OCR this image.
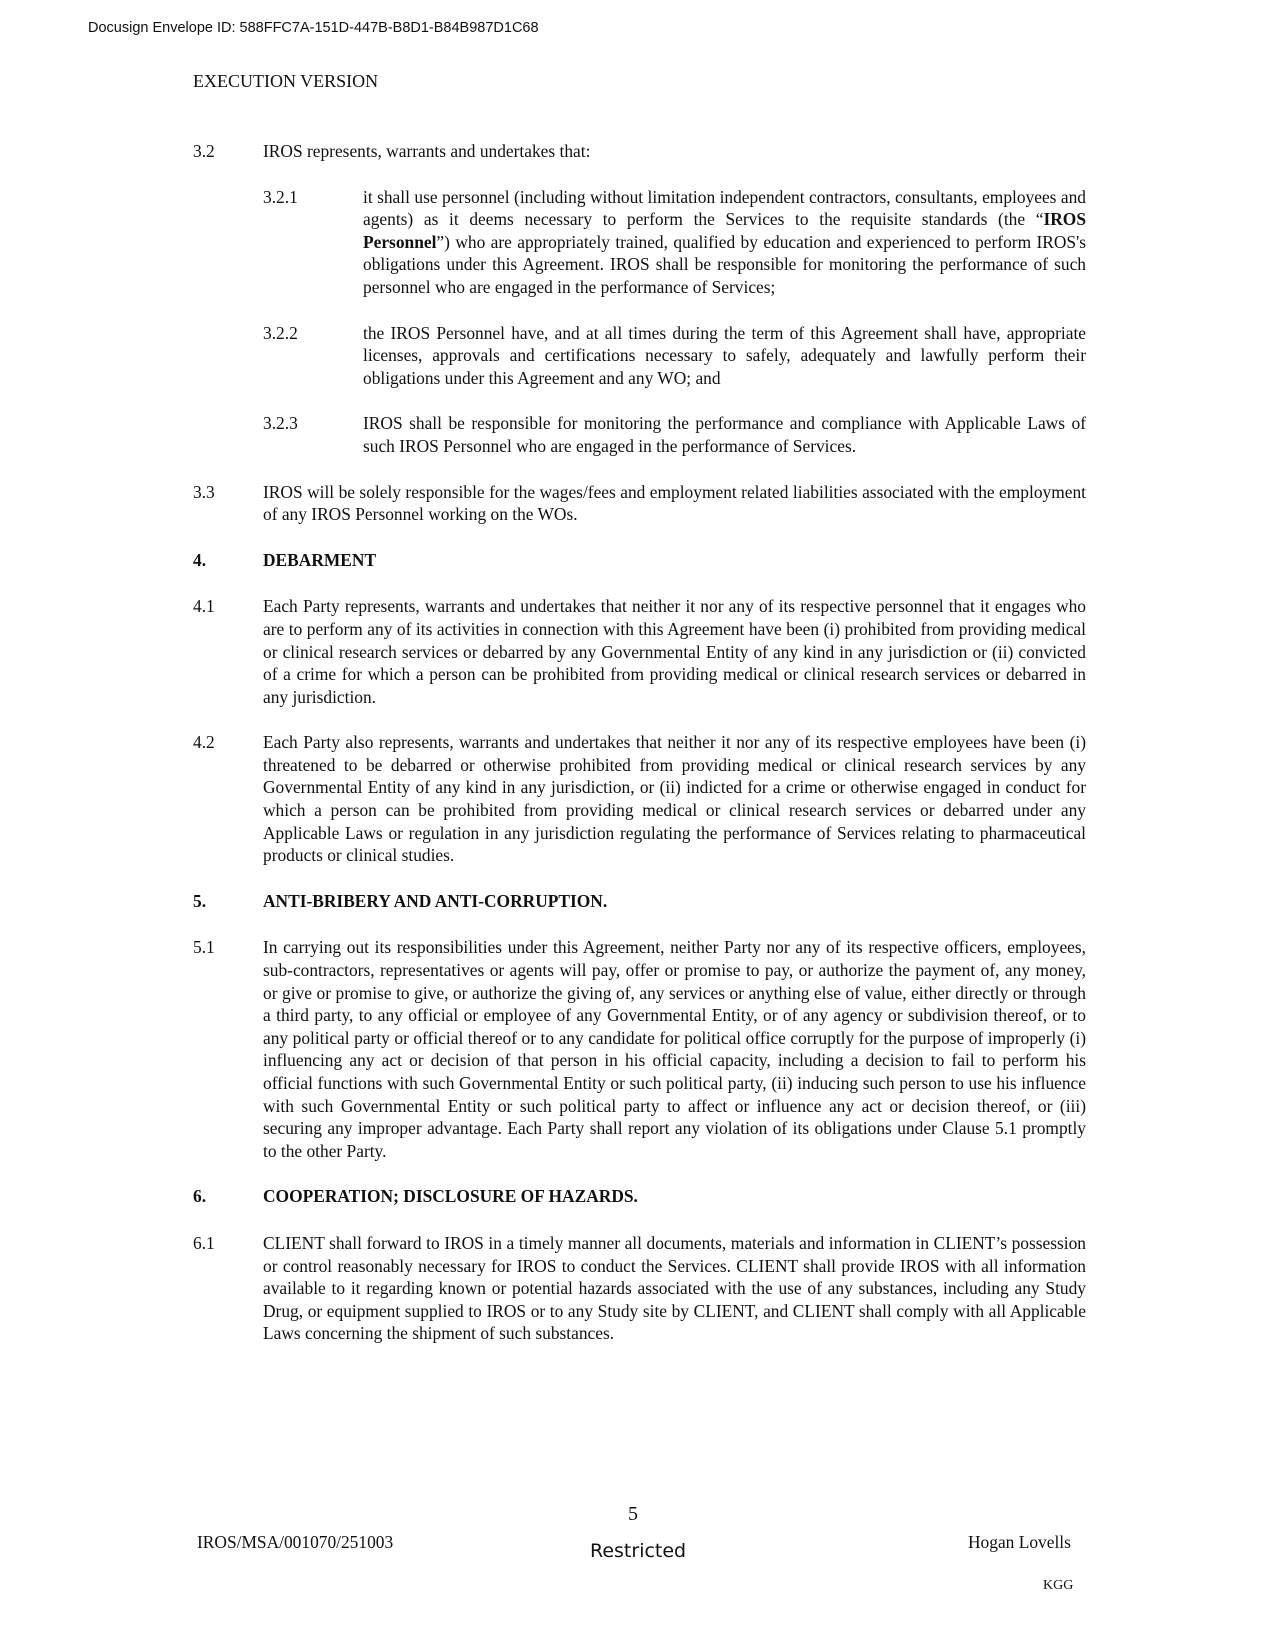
Docusign Envelope ID: 588FFC7A-151D-447B-B8D1-B84B987D1C68
EXECUTION VERSION
3.2	IROS represents, warrants and undertakes that:

3.2.1	it shall use personnel (including without limitation independent contractors, consultants, employees and agents) as it deems necessary to perform the Services to the requisite standards (the “IROS Personnel”) who are appropriately trained, qualified by education and experienced to perform IROS's obligations under this Agreement. IROS shall be responsible for monitoring the performance of such personnel who are engaged in the performance of Services;

3.2.2	the IROS Personnel have, and at all times during the term of this Agreement shall have, appropriate licenses, approvals and certifications necessary to safely, adequately and lawfully perform their obligations under this Agreement and any WO; and

3.2.3	IROS shall be responsible for monitoring the performance and compliance with Applicable Laws of such IROS Personnel who are engaged in the performance of Services.

3.3	IROS will be solely responsible for the wages/fees and employment related liabilities associated with the employment of any IROS Personnel working on the WOs.

4.	DEBARMENT

4.1	Each Party represents, warrants and undertakes that neither it nor any of its respective personnel that it engages who are to perform any of its activities in connection with this Agreement have been (i) prohibited from providing medical or clinical research services or debarred by any Governmental Entity of any kind in any jurisdiction or (ii) convicted of a crime for which a person can be prohibited from providing medical or clinical research services or debarred in any jurisdiction.

4.2	Each Party also represents, warrants and undertakes that neither it nor any of its respective employees have been (i) threatened to be debarred or otherwise prohibited from providing medical or clinical research services by any Governmental Entity of any kind in any jurisdiction, or (ii) indicted for a crime or otherwise engaged in conduct for which a person can be prohibited from providing medical or clinical research services or debarred under any Applicable Laws or regulation in any jurisdiction regulating the performance of Services relating to pharmaceutical products or clinical studies.

5.	ANTI-BRIBERY AND ANTI-CORRUPTION.

5.1	In carrying out its responsibilities under this Agreement, neither Party nor any of its respective officers, employees, sub-contractors, representatives or agents will pay, offer or promise to pay, or authorize the payment of, any money, or give or promise to give, or authorize the giving of, any services or anything else of value, either directly or through a third party, to any official or employee of any Governmental Entity, or of any agency or subdivision thereof, or to any political party or official thereof or to any candidate for political office corruptly for the purpose of improperly (i) influencing any act or decision of that person in his official capacity, including a decision to fail to perform his official functions with such Governmental Entity or such political party, (ii) inducing such person to use his influence with such Governmental Entity or such political party to affect or influence any act or decision thereof, or (iii) securing any improper advantage. Each Party shall report any violation of its obligations under Clause 5.1 promptly to the other Party.

6.	COOPERATION; DISCLOSURE OF HAZARDS.

6.1	CLIENT shall forward to IROS in a timely manner all documents, materials and information in CLIENT’s possession or control reasonably necessary for IROS to conduct the Services. CLIENT shall provide IROS with all information available to it regarding known or potential hazards associated with the use of any substances, including any Study Drug, or equipment supplied to IROS or to any Study site by CLIENT, and CLIENT shall comply with all Applicable Laws concerning the shipment of such substances.

5
IROS/MSA/001070/251003	Restricted	Hogan Lovells
KGG
